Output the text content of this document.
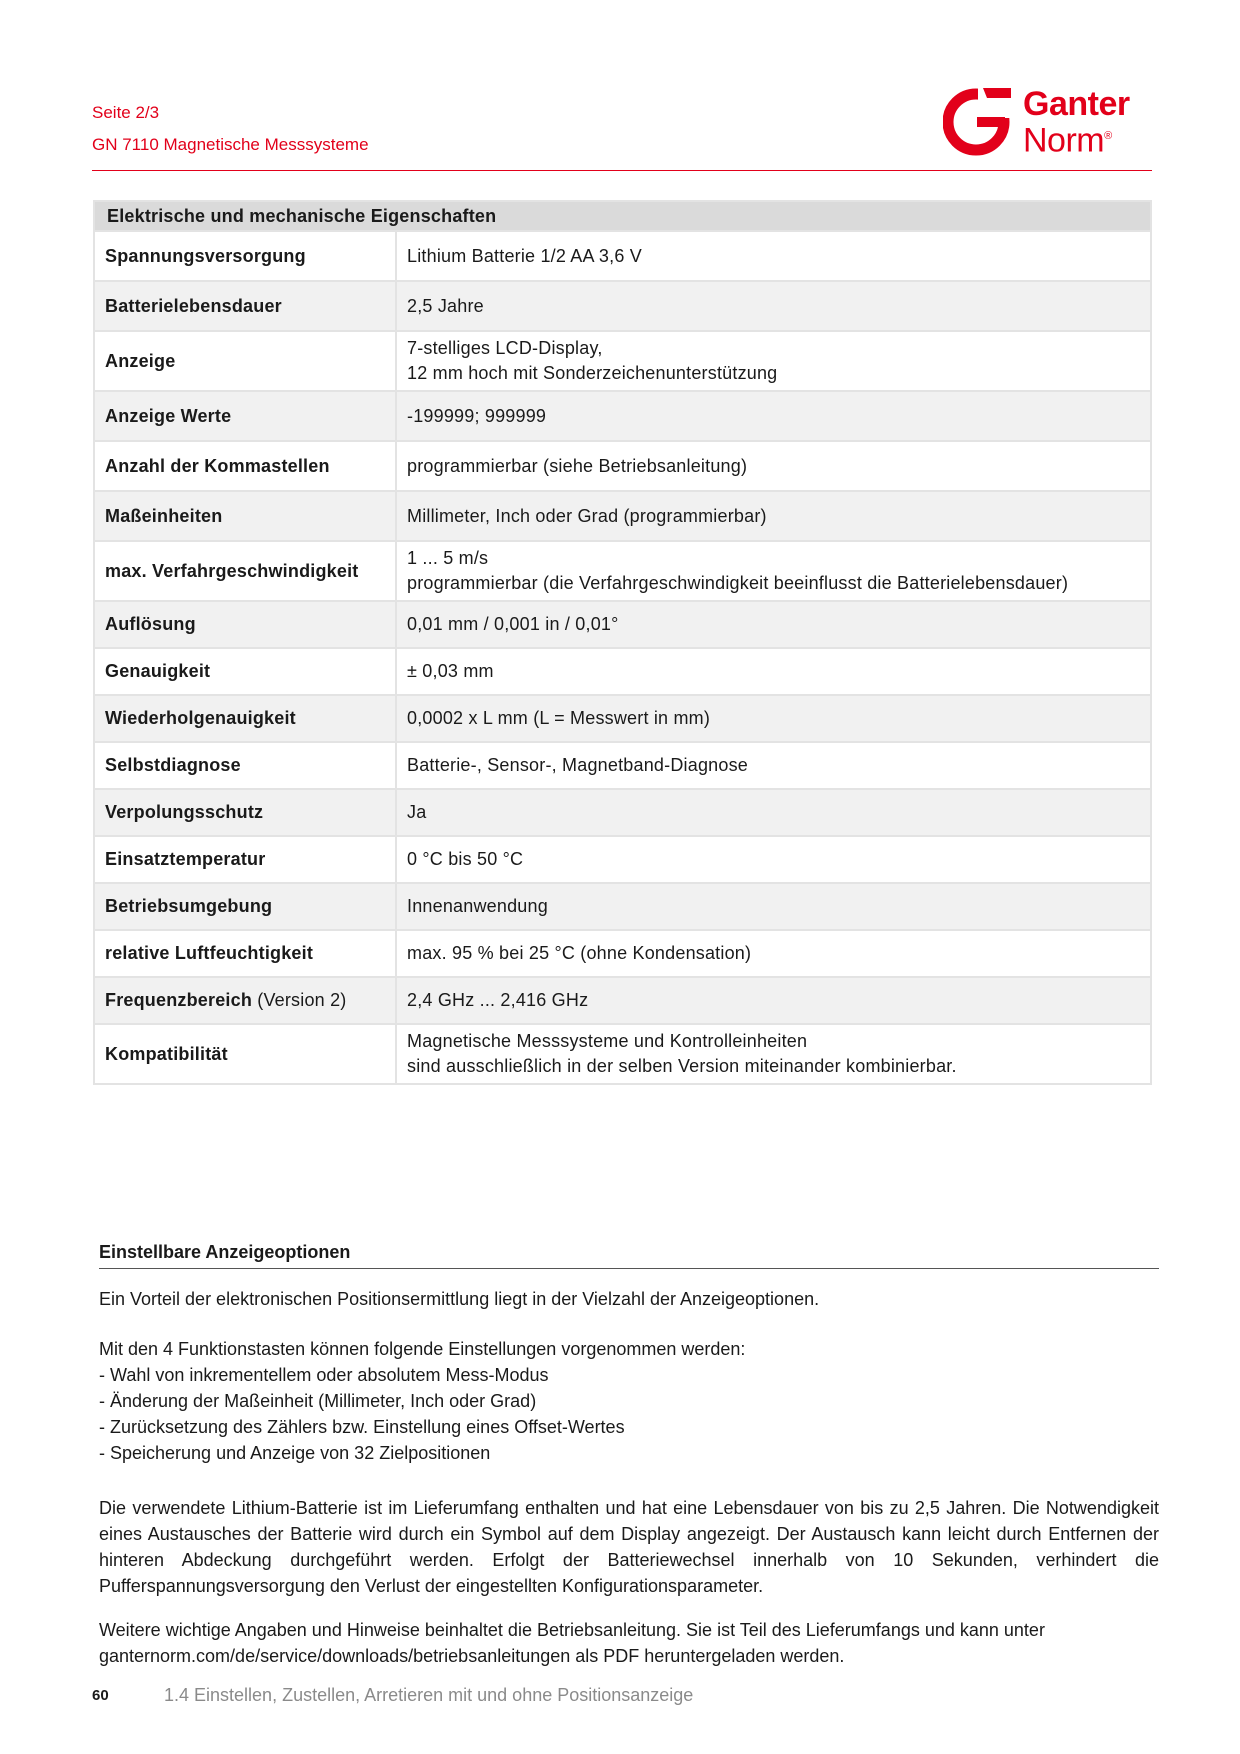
Seite 2/3
GN 7110 Magnetische Messsysteme
Ganter
Norm®
Elektrische und mechanische Eigenschaften	
Spannungsversorgung	Lithium Batterie 1/2 AA 3,6 V

Batterielebensdauer	2,5 Jahre

Anzeige	7-stelliges LCD-Display,
12 mm hoch mit Sonderzeichenunterstützung

Anzeige Werte	-199999; 999999

Anzahl der Kommastellen	programmierbar (siehe Betriebsanleitung)

Maßeinheiten	Millimeter, Inch oder Grad (programmierbar)

max. Verfahrgeschwindigkeit	1 ... 5 m/s
programmierbar (die Verfahrgeschwindigkeit beeinflusst die Batterielebensdauer)

Auflösung	0,01 mm / 0,001 in / 0,01°

Genauigkeit	± 0,03 mm

Wiederholgenauigkeit	0,0002 x L mm (L = Messwert in mm)

Selbstdiagnose	Batterie-, Sensor-, Magnetband-Diagnose

Verpolungsschutz	Ja

Einsatztemperatur	0 °C bis 50 °C

Betriebsumgebung	Innenanwendung

relative Luftfeuchtigkeit	max. 95 % bei 25 °C (ohne Kondensation)

Frequenzbereich (Version 2)	2,4 GHz ... 2,416 GHz

Kompatibilität	Magnetische Messsysteme und Kontrolleinheiten
sind ausschließlich in der selben Version miteinander kombinierbar.
Einstellbare Anzeigeoptionen
Ein Vorteil der elektronischen Positionsermittlung liegt in der Vielzahl der Anzeigeoptionen.
Mit den 4 Funktionstasten können folgende Einstellungen vorgenommen werden:
- Wahl von inkrementellem oder absolutem Mess-Modus
- Änderung der Maßeinheit (Millimeter, Inch oder Grad)
- Zurücksetzung des Zählers bzw. Einstellung eines Offset-Wertes
- Speicherung und Anzeige von 32 Zielpositionen
Die verwendete Lithium-Batterie ist im Lieferumfang enthalten und hat eine Lebensdauer von bis zu 2,5 Jahren. Die Notwendigkeit eines Austausches der Batterie wird durch ein Symbol auf dem Display angezeigt. Der Austausch kann leicht durch Entfernen der hinteren Abdeckung durchgeführt werden. Erfolgt der Batteriewechsel innerhalb von 10 Sekunden, verhindert die Pufferspannungsversorgung den Verlust der eingestellten Konfigurationsparameter.
Weitere wichtige Angaben und Hinweise beinhaltet die Betriebsanleitung. Sie ist Teil des Lieferumfangs und kann unter
ganternorm.com/de/service/downloads/betriebsanleitungen als PDF heruntergeladen werden.
60	1.4 Einstellen, Zustellen, Arretieren mit und ohne Positionsanzeige
